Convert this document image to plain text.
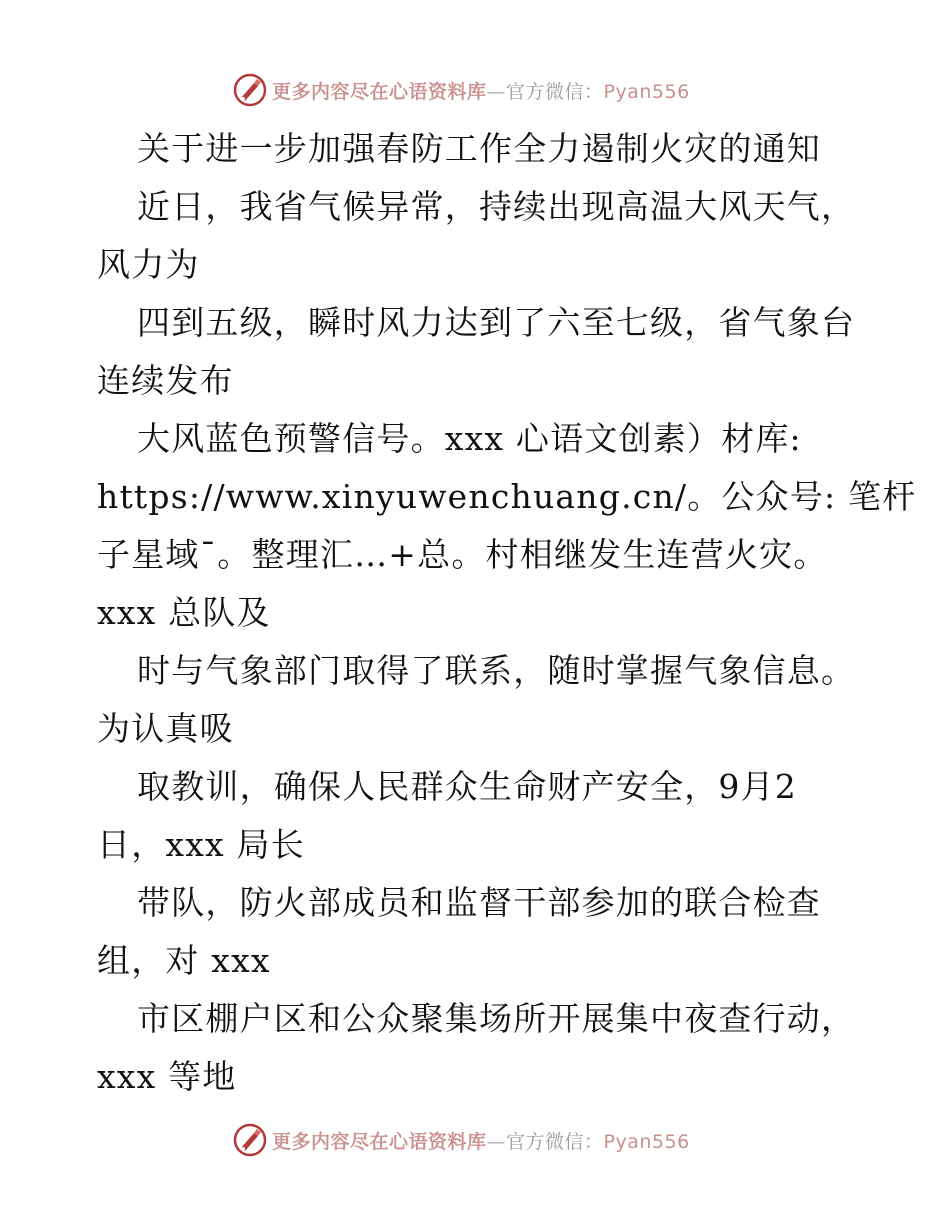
更多内容尽在心语资料库—官方微信：Pyan556
关于进一步加强春防工作全力遏制火灾的通知
近日，我省气候异常，持续出现高温大风天气，
风力为
四到五级，瞬时风力达到了六至七级，省气象台
连续发布
大风蓝色预警信号。xxx 心语文创素）材库:
https://www.xinyuwenchuang.cn/。公众号: 笔杆
子星域¯。整理汇…+总。村相继发生连营火灾。
xxx 总队及
时与气象部门取得了联系，随时掌握气象信息。
为认真吸
取教训，确保人民群众生命财产安全，9月2
日，xxx 局长
带队，防火部成员和监督干部参加的联合检查
组，对 xxx
市区棚户区和公众聚集场所开展集中夜查行动，
xxx 等地
更多内容尽在心语资料库—官方微信：Pyan556
